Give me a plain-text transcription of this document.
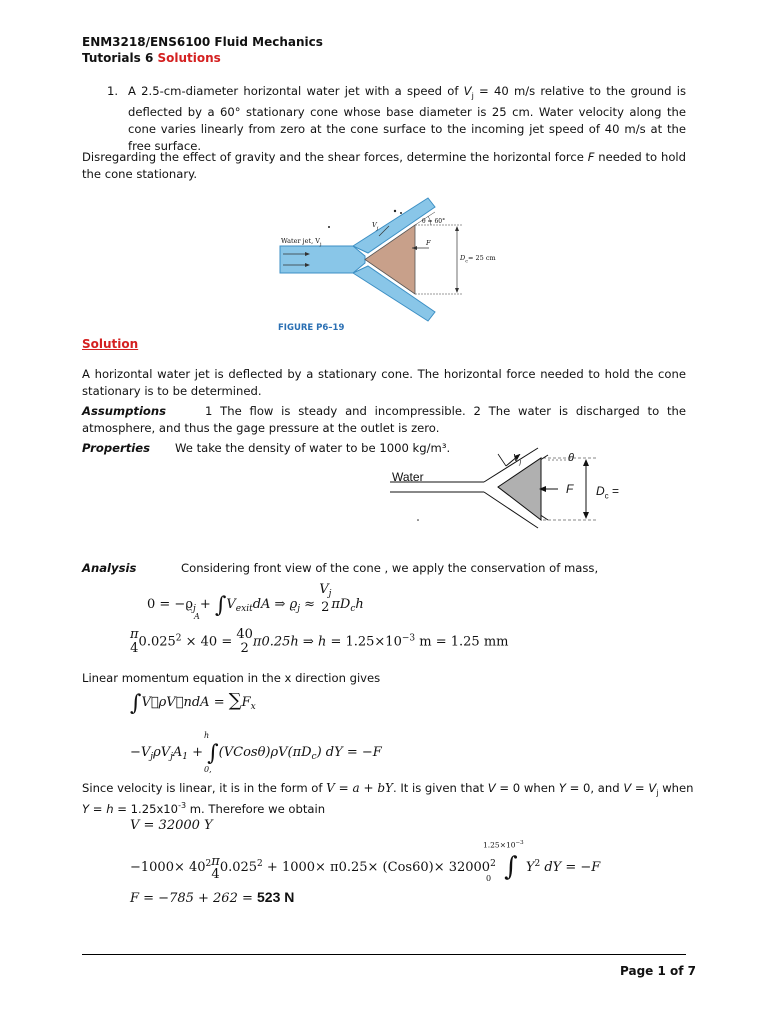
ENM3218/ENS6100 Fluid Mechanics
Tutorials 6 Solutions
1. A 2.5-cm-diameter horizontal water jet with a speed of $V_j = 40$ m/s relative to the ground is deflected by a 60° stationary cone whose base diameter is 25 cm. Water velocity along the cone varies linearly from zero at the cone surface to the incoming jet speed of 40 m/s at the free surface.
Disregarding the effect of gravity and the shear forces, determine the horizontal force F needed to hold the cone stationary.
Water jet, $V_j$
θ = 60°
$V_j$
F
$D_c= 25$ cm
FIGURE P6–19
Solution
A horizontal water jet is deflected by a stationary cone. The horizontal force needed to hold the cone stationary is to be determined.
Assumptions	1 The flow is steady and incompressible. 2 The water is discharged to the atmosphere, and thus the gage pressure at the outlet is zero.
Properties We take the density of water to be 1000 kg/m³.
Water
$V_j$	θ
F $D_c$ =
Analysis	Considering front view of the cone , we apply the conservation of mass,
$0 = -ϱ_j + \int V_{exit}dA$ ⇒ $ϱ_j$ ≈
$V_j$
2 $\pi D_ch$
A
π
4 $0.025^2 \times 40 = 40$
2 π0.25h ⇒ $h = 1.25\times 10^{-3}$ m = 1.25 mm
Linear momentum equation in the x direction gives
∫V⃗ρV⃗ndA = $\sum F_x$
h
$-V_j\rho V_jA_1$ + $\int(VCos\theta)\rho V(\pi D_c)$ dY = −F
0,
Since velocity is linear, it is in the form of V = a + bY. It is given that V = 0 when Y = 0, and $V = V_j$ when
$Y = h = 1.25x10^{-3}$ m. Therefore we obtain
V = 32000 Y
$1.25\times 10^{-3}$
$-1000\times 40^2$ π
4 $0.025^2 + 1000\times \pi 0.25\times (Cos60)\times 32000^2$ ∫ $Y^2$ dY = −F
0
F = −785 + 262 = 523 N
Page 1 of 7
